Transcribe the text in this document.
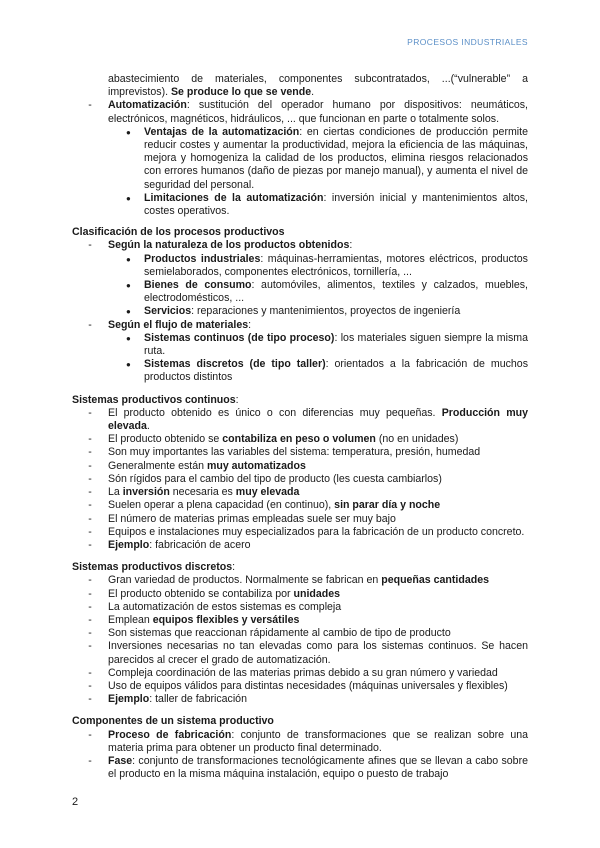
PROCESOS INDUSTRIALES
abastecimiento de materiales, componentes subcontratados, ...(“vulnerable” a imprevistos). Se produce lo que se vende.
-	Automatización: sustitución del operador humano por dispositivos: neumáticos, electrónicos, magnéticos, hidráulicos, ... que funcionan en parte o totalmente solos.
●	Ventajas de la automatización: en ciertas condiciones de producción permite reducir costes y aumentar la productividad, mejora la eficiencia de las máquinas, mejora y homogeniza la calidad de los productos, elimina riesgos relacionados con errores humanos (daño de piezas por manejo manual), y aumenta el nivel de seguridad del personal.
●	Limitaciones de la automatización: inversión inicial y mantenimientos altos, costes operativos.
Clasificación de los procesos productivos
-	Según la naturaleza de los productos obtenidos:
●	Productos industriales: máquinas-herramientas, motores eléctricos, productos semielaborados, componentes electrónicos, tornillería, ...
●	Bienes de consumo: automóviles, alimentos, textiles y calzados, muebles, electrodomésticos, ...
●	Servicios: reparaciones y mantenimientos, proyectos de ingeniería
-	Según el flujo de materiales:
●	Sistemas continuos (de tipo proceso): los materiales siguen siempre la misma ruta.
●	Sistemas discretos (de tipo taller): orientados a la fabricación de muchos productos distintos
Sistemas productivos continuos:
-	El producto obtenido es único o con diferencias muy pequeñas. Producción muy elevada.
-	El producto obtenido se contabiliza en peso o volumen (no en unidades)
-	Son muy importantes las variables del sistema: temperatura, presión, humedad
-	Generalmente están muy automatizados
-	Són rígidos para el cambio del tipo de producto (les cuesta cambiarlos)
-	La inversión necesaria es muy elevada
-	Suelen operar a plena capacidad (en continuo), sin parar día y noche
-	El número de materias primas empleadas suele ser muy bajo
-	Equipos e instalaciones muy especializados para la fabricación de un producto concreto.
-	Ejemplo: fabricación de acero
Sistemas productivos discretos:
-	Gran variedad de productos. Normalmente se fabrican en pequeñas cantidades
-	El producto obtenido se contabiliza por unidades
-	La automatización de estos sistemas es compleja
-	Emplean equipos flexibles y versátiles
-	Son sistemas que reaccionan rápidamente al cambio de tipo de producto
-	Inversiones necesarias no tan elevadas como para los sistemas continuos. Se hacen parecidos al crecer el grado de automatización.
-	Compleja coordinación de las materias primas debido a su gran número y variedad
-	Uso de equipos válidos para distintas necesidades (máquinas universales y flexibles)
-	Ejemplo: taller de fabricación
Componentes de un sistema productivo
-	Proceso de fabricación: conjunto de transformaciones que se realizan sobre una materia prima para obtener un producto final determinado.
-	Fase: conjunto de transformaciones tecnológicamente afines que se llevan a cabo sobre el producto en la misma máquina instalación, equipo o puesto de trabajo
2
